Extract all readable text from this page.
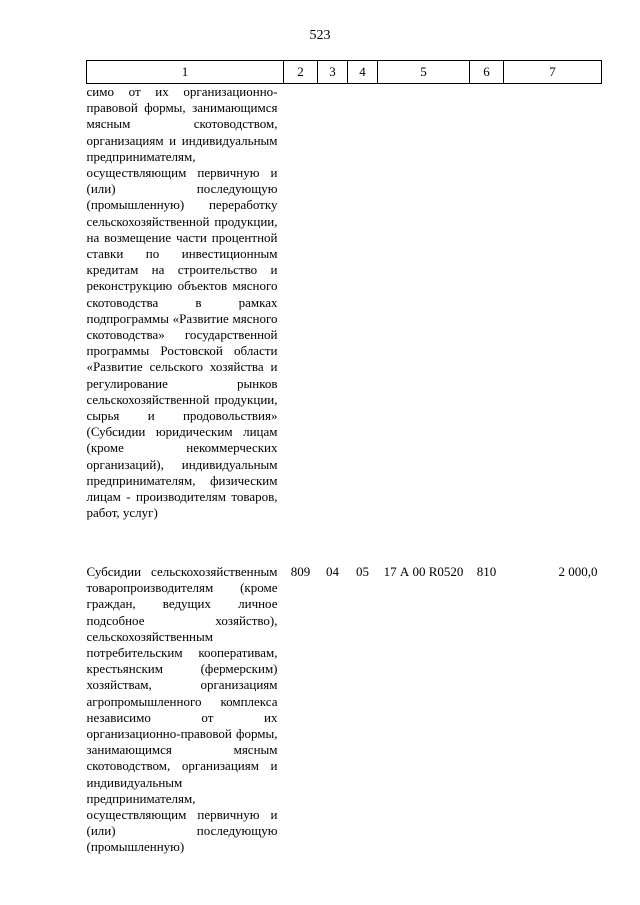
523
1	2	3	4	5	6	7

симо от их организационно-правовой формы, занимающимся мясным скотоводством, организациям и индивидуальным предпринимателям, осуществляющим первичную и (или) последующую (промышленную) переработку сельскохозяйственной продукции, на возмещение части процентной ставки по инвестиционным кредитам на строительство и реконструкцию объектов мясного скотоводства в рамках подпрограммы «Развитие мясного скотоводства» государственной программы Ростовской области «Развитие сельского хозяйства и регулирование рынков сельскохозяйственной продукции, сырья и продовольствия» (Субсидии юридическим лицам (кроме некоммерческих организаций), индивидуальным предпринимателям, физическим лицам - производителям товаров, работ, услуг)						

Субсидии сельскохозяйственным товаропроизводителям (кроме граждан, ведущих личное подсобное хозяйство), сельскохозяйственным потребительским кооперативам, крестьянским (фермерским) хозяйствам, организациям агропромышленного комплекса независимо от их организационно-правовой формы, занимающимся мясным скотоводством, организациям и индивидуальным предпринимателям, осуществляющим первичную и (или) последующую (промышленную)	809	04	05	17 А 00 R0520	810	2 000,0
